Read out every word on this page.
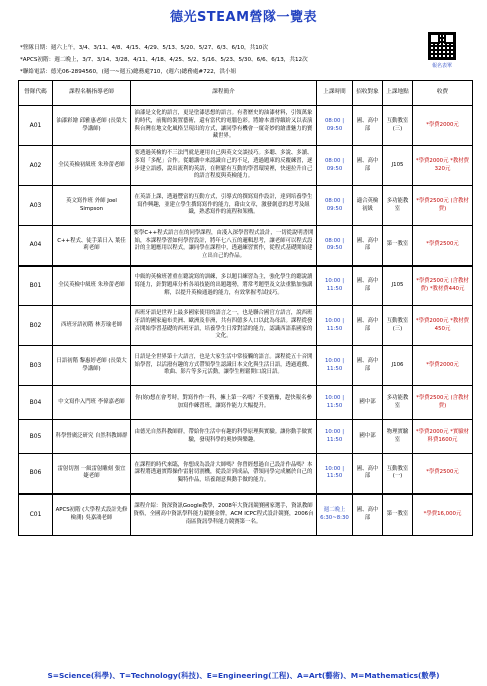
德光STEAM營隊一覽表
*營隊日期：週六上午，3/4、3/11、4/8、4/15、4/29、5/13、5/20、5/27、6/3、6/10，共10次
*APCS初階：週二晚上，3/7、3/14、3/28、4/11、4/18、4/25、5/2、5/16、5/23、5/30、6/6、6/13，共12次
*聯絡電話：德光06-2894560，(週一~週五)總務處710，(週六)總務處#722，洪小姐
報名表單
營隊代碼	課程名稱指導老師	課程簡介	上課時間	招收對象	上課地點	收費
A01	油漆彩繪 邱雅惠老師 (長榮大學講師)	油漆是文化的語言，更是塗漆思想的語言。有著歷史的油漆材料，引領萬象的時代，前衛的裝置藝術，還有當代的電腦色彩。將繪本畫得繽紛又以表演與台灣在地文化風格呈現出的方式，讓同學有機會一窺奇妙的繪畫魅力的寶藏世界。	08:00 | 09:50	國、高中部	互動教室(三)	*學費2000元
A02	全民英檢初級班 朱珍蕾老師	要透過英檢的不三法門就是運用自己與英文交談技巧。多聽、多說、多讀、多寫「多配」合作。從聽講中來認識自己的不足，透過題庫的反覆練習，逐步建立語感，說出流利的英語，在輕鬆有互動的學習環境裡，快速拉升自己的語言程度與英檢能力。	08:00 | 09:50	國、高中部	J105	*學費2000元 *教材費320元
A03	英文寫作班 外師 Joel Simpson	在英語上課，透過豐富的互動方式，引導式的撰寫寫作設計，達到培養學生寫作興趣，並建立學生撰寫寫作的能力，藉由文章，激發創意的思考及組織，熟悉寫作的流程和架構。	08:00 | 09:50	適合英檢初級	多功能教室	*學費2500元 (含教材費)
A04	C++程式、徒手菜日入 葉佳莉老師	要學C++程式語言在的同學課程，由淺入深學習程式設計，一切從說明書開始，本課程學習如何學習設計，將年七八五的邏輯思考，讓老師可以程式設計的主題應用以程式，讓同學在課程中，透過練習實作，從程式基礎開始建立出自己的作品。	08:00 | 09:50	國、高中部	第一教室	*學費2500元
B01	全民英檢中級班 朱珍蕾老師	中級的英檢班著重在聽說寫的訓練，多以題目練習為主，強化學生的聽說讀寫能力，針對題庫分析各項技能的出題趨勢，將常考題型及文法重點加強講解，以提升英檢通過的能力，有效掌握考試技巧。	10:00 | 11:50	國、高中部	J105	*學費2500元 (含教材費) *教材費440元
B02	西班牙語初階 林芳瑜老師	西班牙語是世界上最多國家使用的語言之一，也是聯合國官方語言，說西班牙語的國家遍布美洲、歐洲及非洲，共有四億多人口以此為母語。課程從發音開始學習基礎的西班牙語，培養學生日常對話的能力，認識西語系國家的文化。	10:00 | 11:50	國、高中部	互動教室(三)	*學費2000元 *教材費450元
B03	日語初階 黎惠婷老師 (長榮大學講師)	日語是全世界第十大語言，也是大家生活中常接觸的語言。課程從五十音開始學習，以活潑有趣的方式帶領學生認識日本文化與生活日語，透過遊戲、歌曲、影片等多元活動，讓學生輕鬆開口說日語。	10:00 | 11:50	國、高中部	J106	*學費2000元
B04	中文寫作入門班 李偉嘉老師	你(妳)想在會考時，對寫作作一科，擁上第一名嗎？不要猶豫，趕快報名參加寫作練習班，讓寫作能力大幅提升。	10:00 | 11:50	國中部	多功能教室	*學費2500元 (含教材費)
B05	科學營廣泛研究 自然科教師群	由德光自然科教師群，帶給你生活中有趣的科學原理與實驗。讓你動手做實驗，發現科學的奧妙與樂趣。	10:00 | 11:50	國中部	物理實驗室	*學費2000元 *實驗材料費1600元
B06	雷射切割 一級雷射雕刻 張宜婕老師	在課程的時代來臨，你想成為設計大師嗎？你曾經想過自己設計作品嗎？本課程將透過實際操作雷射切割機，從設計到成品，帶領同學完成屬於自己的獨特作品，培養創意與動手做的能力。	10:00 | 11:50	國、高中部	互動教室(一)	*學費2500元
C01	APCS初階 (大學程式設計先修檢測) 吳嘉鴻老師	課程介紹：資深資訊Google教學，2008年大資訊競賽國家選手，資訊教師資格，全國高中資訊學科能力競賽金牌，ACM ICPC程式設計競賽，2006台南區資訊學科能力競賽第一名。	週二晚上 6:30~8:30	國、高中部	第一教室	*學費16,000元
S=Science(科學)、T=Technology(科技)、E=Engineering(工程)、A=Art(藝術)、M=Mathematics(數學)
